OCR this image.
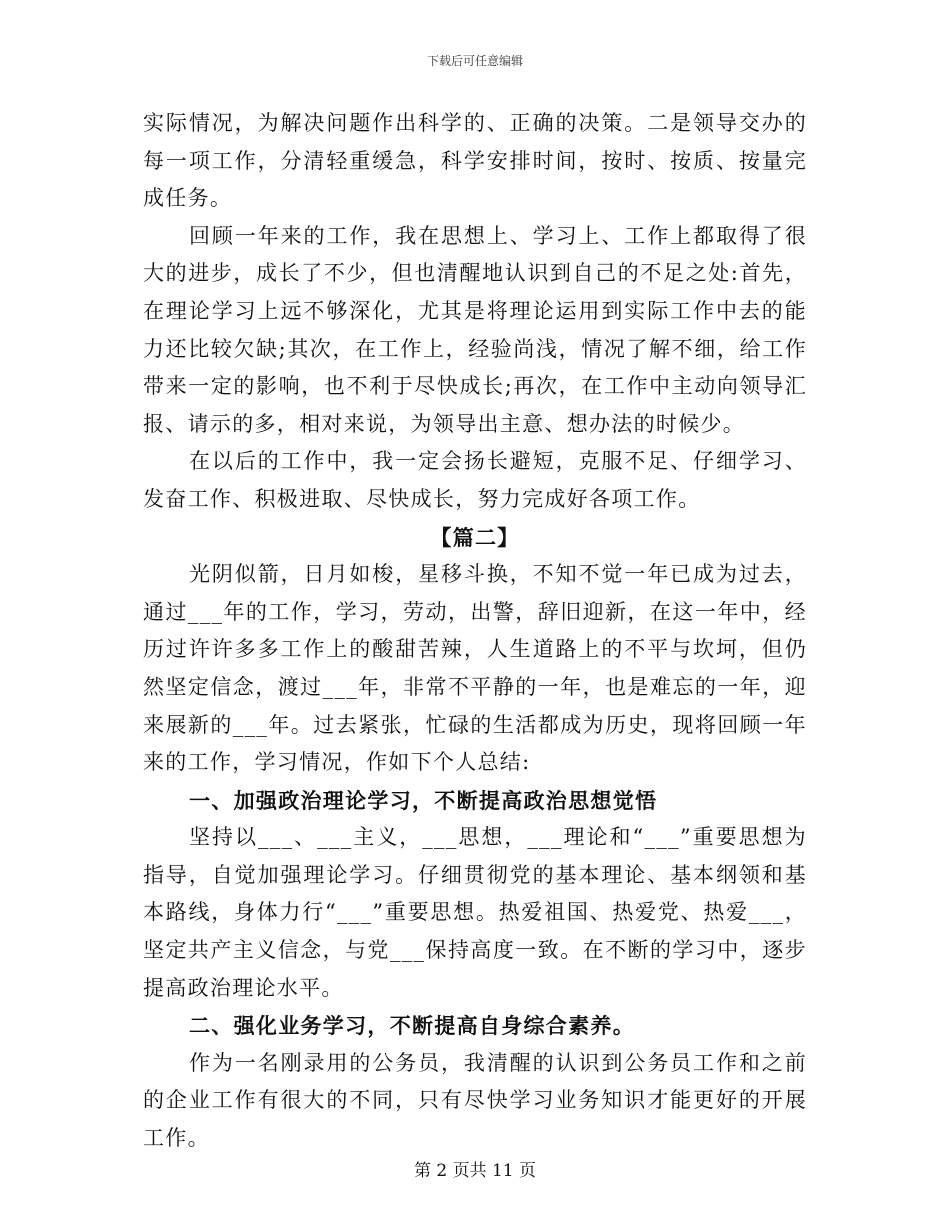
下载后可任意编辑

实际情况，为解决问题作出科学的、正确的决策。二是领导交办的每一项工作，分清轻重缓急，科学安排时间，按时、按质、按量完成任务。

回顾一年来的工作，我在思想上、学习上、工作上都取得了很大的进步，成长了不少，但也清醒地认识到自己的不足之处:首先，在理论学习上远不够深化，尤其是将理论运用到实际工作中去的能力还比较欠缺;其次，在工作上，经验尚浅，情况了解不细，给工作带来一定的影响，也不利于尽快成长;再次，在工作中主动向领导汇报、请示的多，相对来说，为领导出主意、想办法的时候少。

在以后的工作中，我一定会扬长避短，克服不足、仔细学习、发奋工作、积极进取、尽快成长，努力完成好各项工作。

【篇二】

光阴似箭，日月如梭，星移斗换，不知不觉一年已成为过去，通过___年的工作，学习，劳动，出警，辞旧迎新，在这一年中，经历过许许多多工作上的酸甜苦辣，人生道路上的不平与坎坷，但仍然坚定信念，渡过___年，非常不平静的一年，也是难忘的一年，迎来展新的___年。过去紧张，忙碌的生活都成为历史，现将回顾一年来的工作，学习情况，作如下个人总结:

一、加强政治理论学习，不断提高政治思想觉悟

坚持以___、___主义，___思想，___理论和“___”重要思想为指导，自觉加强理论学习。仔细贯彻党的基本理论、基本纲领和基本路线，身体力行“___”重要思想。热爱祖国、热爱党、热爱___，坚定共产主义信念，与党___保持高度一致。在不断的学习中，逐步提高政治理论水平。

二、强化业务学习，不断提高自身综合素养。

作为一名刚录用的公务员，我清醒的认识到公务员工作和之前的企业工作有很大的不同，只有尽快学习业务知识才能更好的开展工作。

第 2 页共 11 页
